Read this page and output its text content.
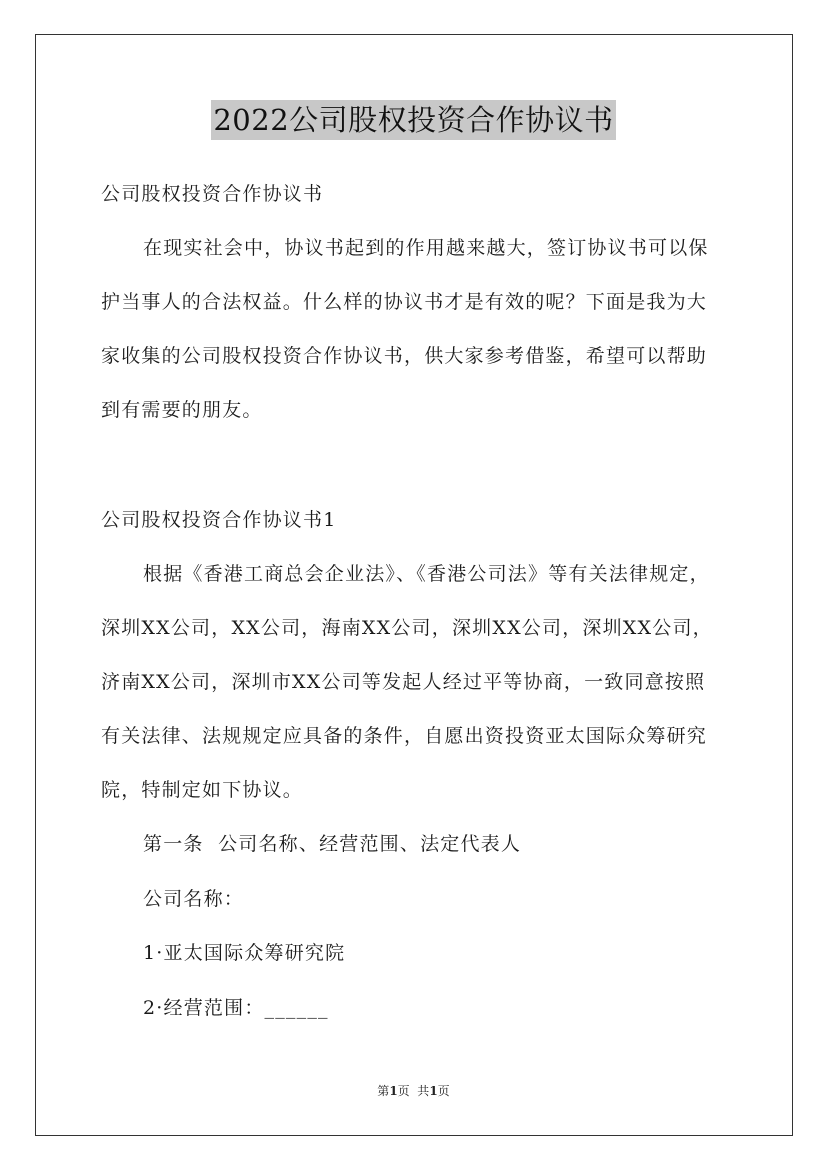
2022公司股权投资合作协议书
公司股权投资合作协议书
在现实社会中，协议书起到的作用越来越大，签订协议书可以保
护当事人的合法权益。什么样的协议书才是有效的呢？下面是我为大
家收集的公司股权投资合作协议书，供大家参考借鉴，希望可以帮助
到有需要的朋友。
公司股权投资合作协议书1
根据《香港工商总会企业法》、《香港公司法》等有关法律规定，
深圳XX公司，XX公司，海南XX公司，深圳XX公司，深圳XX公司，
济南XX公司，深圳市XX公司等发起人经过平等协商，一致同意按照
有关法律、法规规定应具备的条件，自愿出资投资亚太国际众筹研究
院，特制定如下协议。
第一条  公司名称、经营范围、法定代表人
公司名称：
1·亚太国际众筹研究院
2·经营范围：______
第1页  共1页
